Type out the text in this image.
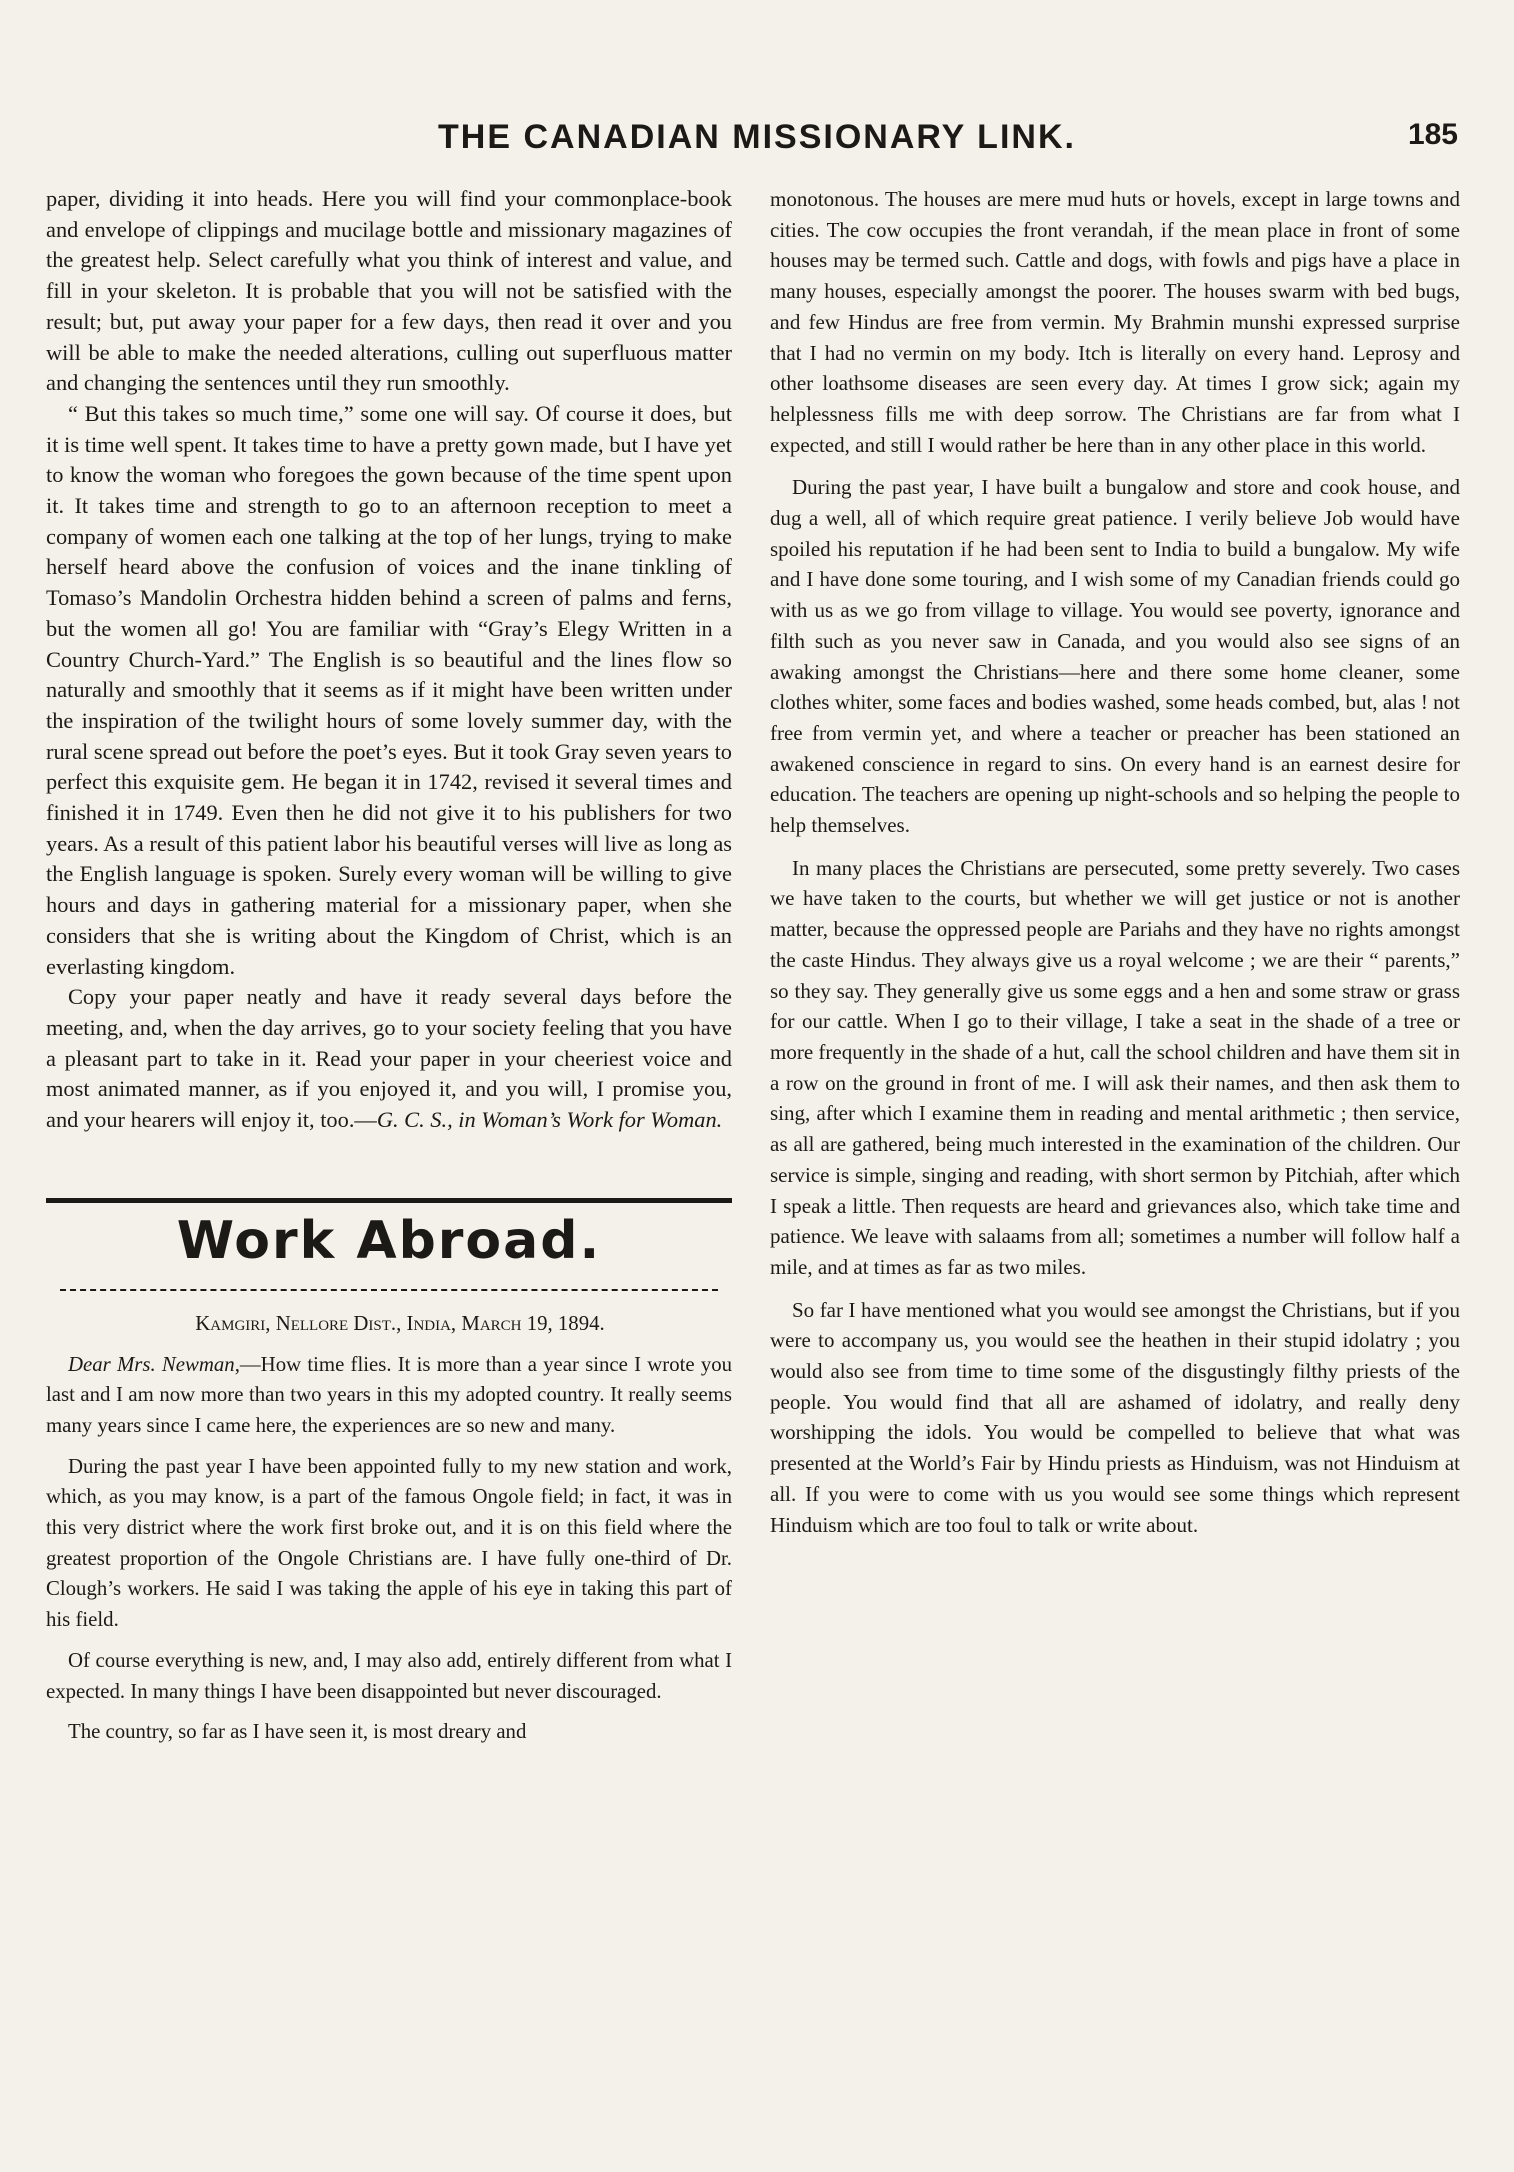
THE CANADIAN MISSIONARY LINK.	185

paper, dividing it into heads. Here you will find your commonplace-book and envelope of clippings and mucilage bottle and missionary magazines of the greatest help. Select carefully what you think of interest and value, and fill in your skeleton. It is probable that you will not be satisfied with the result; but, put away your paper for a few days, then read it over and you will be able to make the needed alterations, culling out superfluous matter and changing the sentences until they run smoothly.

“ But this takes so much time,” some one will say. Of course it does, but it is time well spent. It takes time to have a pretty gown made, but I have yet to know the woman who foregoes the gown because of the time spent upon it. It takes time and strength to go to an afternoon reception to meet a company of women each one talking at the top of her lungs, trying to make herself heard above the confusion of voices and the inane tinkling of Tomaso’s Mandolin Orchestra hidden behind a screen of palms and ferns, but the women all go! You are familiar with “Gray’s Elegy Written in a Country Church-Yard.” The English is so beautiful and the lines flow so naturally and smoothly that it seems as if it might have been written under the inspiration of the twilight hours of some lovely summer day, with the rural scene spread out before the poet’s eyes. But it took Gray seven years to perfect this exquisite gem. He began it in 1742, revised it several times and finished it in 1749. Even then he did not give it to his publishers for two years. As a result of this patient labor his beautiful verses will live as long as the English language is spoken. Surely every woman will be willing to give hours and days in gathering material for a missionary paper, when she considers that she is writing about the Kingdom of Christ, which is an everlasting kingdom.

Copy your paper neatly and have it ready several days before the meeting, and, when the day arrives, go to your society feeling that you have a pleasant part to take in it. Read your paper in your cheeriest voice and most animated manner, as if you enjoyed it, and you will, I promise you, and your hearers will enjoy it, too.—G. C. S., in Woman’s Work for Woman.

Work Abroad.

Kamgiri, Nellore Dist., India, March 19, 1894.

Dear Mrs. Newman,—How time flies. It is more than a year since I wrote you last and I am now more than two years in this my adopted country. It really seems many years since I came here, the experiences are so new and many.

During the past year I have been appointed fully to my new station and work, which, as you may know, is a part of the famous Ongole field; in fact, it was in this very district where the work first broke out, and it is on this field where the greatest proportion of the Ongole Christians are. I have fully one-third of Dr. Clough’s workers. He said I was taking the apple of his eye in taking this part of his field.

Of course everything is new, and, I may also add, entirely different from what I expected. In many things I have been disappointed but never discouraged.

The country, so far as I have seen it, is most dreary and

monotonous. The houses are mere mud huts or hovels, except in large towns and cities. The cow occupies the front verandah, if the mean place in front of some houses may be termed such. Cattle and dogs, with fowls and pigs have a place in many houses, especially amongst the poorer. The houses swarm with bed bugs, and few Hindus are free from vermin. My Brahmin munshi expressed surprise that I had no vermin on my body. Itch is literally on every hand. Leprosy and other loathsome diseases are seen every day. At times I grow sick; again my helplessness fills me with deep sorrow. The Christians are far from what I expected, and still I would rather be here than in any other place in this world.

During the past year, I have built a bungalow and store and cook house, and dug a well, all of which require great patience. I verily believe Job would have spoiled his reputation if he had been sent to India to build a bungalow. My wife and I have done some touring, and I wish some of my Canadian friends could go with us as we go from village to village. You would see poverty, ignorance and filth such as you never saw in Canada, and you would also see signs of an awaking amongst the Christians—here and there some home cleaner, some clothes whiter, some faces and bodies washed, some heads combed, but, alas ! not free from vermin yet, and where a teacher or preacher has been stationed an awakened conscience in regard to sins. On every hand is an earnest desire for education. The teachers are opening up night-schools and so helping the people to help themselves.

In many places the Christians are persecuted, some pretty severely. Two cases we have taken to the courts, but whether we will get justice or not is another matter, because the oppressed people are Pariahs and they have no rights amongst the caste Hindus. They always give us a royal welcome ; we are their “ parents,” so they say. They generally give us some eggs and a hen and some straw or grass for our cattle. When I go to their village, I take a seat in the shade of a tree or more frequently in the shade of a hut, call the school children and have them sit in a row on the ground in front of me. I will ask their names, and then ask them to sing, after which I examine them in reading and mental arithmetic ; then service, as all are gathered, being much interested in the examination of the children. Our service is simple, singing and reading, with short sermon by Pitchiah, after which I speak a little. Then requests are heard and grievances also, which take time and patience. We leave with salaams from all; sometimes a number will follow half a mile, and at times as far as two miles.

So far I have mentioned what you would see amongst the Christians, but if you were to accompany us, you would see the heathen in their stupid idolatry ; you would also see from time to time some of the disgustingly filthy priests of the people. You would find that all are ashamed of idolatry, and really deny worshipping the idols. You would be compelled to believe that what was presented at the World’s Fair by Hindu priests as Hinduism, was not Hinduism at all. If you were to come with us you would see some things which represent Hinduism which are too foul to talk or write about.
